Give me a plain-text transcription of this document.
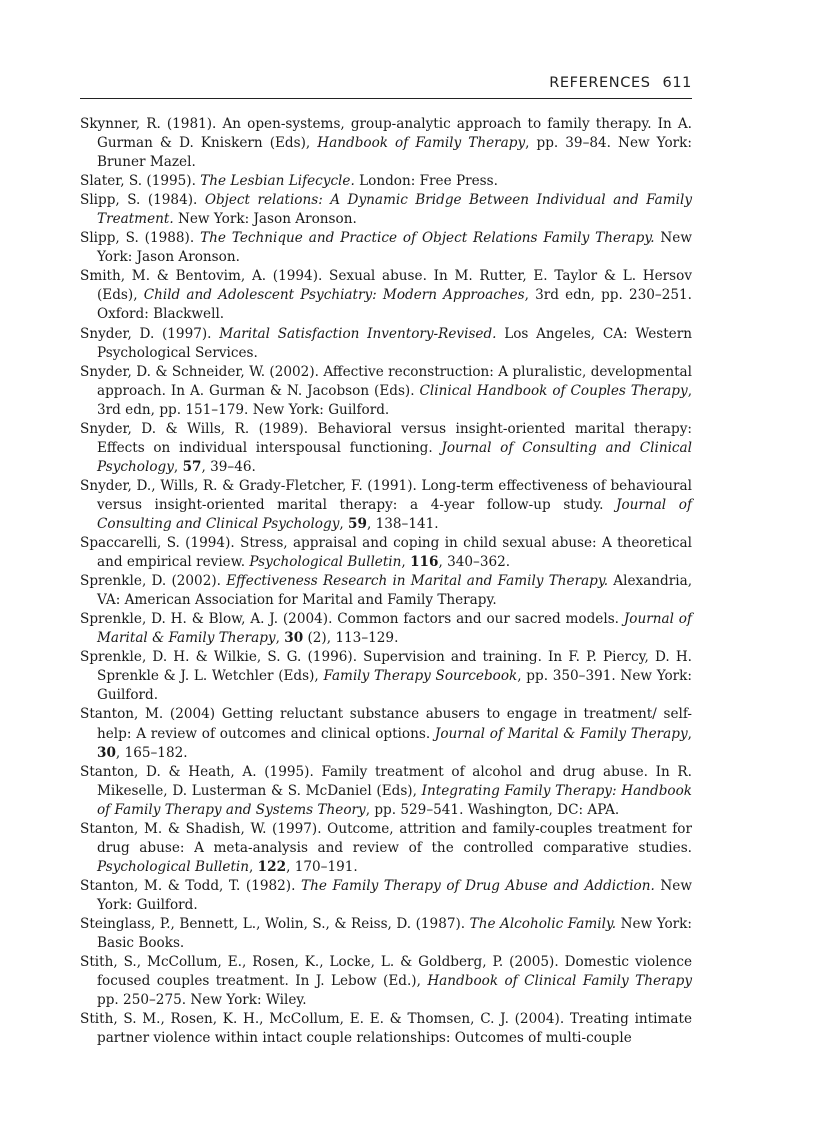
REFERENCES 611

Skynner, R. (1981). An open-systems, group-analytic approach to family therapy. In A. Gurman & D. Kniskern (Eds), Handbook of Family Therapy, pp. 39–84. New York: Bruner Mazel.

Slater, S. (1995). The Lesbian Lifecycle. London: Free Press.

Slipp, S. (1984). Object relations: A Dynamic Bridge Between Individual and Family Treatment. New York: Jason Aronson.

Slipp, S. (1988). The Technique and Practice of Object Relations Family Therapy. New York: Jason Aronson.

Smith, M. & Bentovim, A. (1994). Sexual abuse. In M. Rutter, E. Taylor & L. Hersov (Eds), Child and Adolescent Psychiatry: Modern Approaches, 3rd edn, pp. 230–251. Oxford: Blackwell.

Snyder, D. (1997). Marital Satisfaction Inventory-Revised. Los Angeles, CA: Western Psychological Services.

Snyder, D. & Schneider, W. (2002). Affective reconstruction: A pluralistic, developmental approach. In A. Gurman & N. Jacobson (Eds). Clinical Handbook of Couples Therapy, 3rd edn, pp. 151–179. New York: Guilford.

Snyder, D. & Wills, R. (1989). Behavioral versus insight-oriented marital therapy: Effects on individual interspousal functioning. Journal of Consulting and Clinical Psychology, 57, 39–46.

Snyder, D., Wills, R. & Grady-Fletcher, F. (1991). Long-term effectiveness of behavioural versus insight-oriented marital therapy: a 4-year follow-up study. Journal of Consulting and Clinical Psychology, 59, 138–141.

Spaccarelli, S. (1994). Stress, appraisal and coping in child sexual abuse: A theoretical and empirical review. Psychological Bulletin, 116, 340–362.

Sprenkle, D. (2002). Effectiveness Research in Marital and Family Therapy. Alexandria, VA: American Association for Marital and Family Therapy.

Sprenkle, D. H. & Blow, A. J. (2004). Common factors and our sacred models. Journal of Marital & Family Therapy, 30 (2), 113–129.

Sprenkle, D. H. & Wilkie, S. G. (1996). Supervision and training. In F. P. Piercy, D. H. Sprenkle & J. L. Wetchler (Eds), Family Therapy Sourcebook, pp. 350–391. New York: Guilford.

Stanton, M. (2004) Getting reluctant substance abusers to engage in treatment/ self-help: A review of outcomes and clinical options. Journal of Marital & Family Therapy, 30, 165–182.

Stanton, D. & Heath, A. (1995). Family treatment of alcohol and drug abuse. In R. Mikeselle, D. Lusterman & S. McDaniel (Eds), Integrating Family Therapy: Handbook of Family Therapy and Systems Theory, pp. 529–541. Washington, DC: APA.

Stanton, M. & Shadish, W. (1997). Outcome, attrition and family-couples treatment for drug abuse: A meta-analysis and review of the controlled comparative studies. Psychological Bulletin, 122, 170–191.

Stanton, M. & Todd, T. (1982). The Family Therapy of Drug Abuse and Addiction. New York: Guilford.

Steinglass, P., Bennett, L., Wolin, S., & Reiss, D. (1987). The Alcoholic Family. New York: Basic Books.

Stith, S., McCollum, E., Rosen, K., Locke, L. & Goldberg, P. (2005). Domestic violence focused couples treatment. In J. Lebow (Ed.), Handbook of Clinical Family Therapy pp. 250–275. New York: Wiley.

Stith, S. M., Rosen, K. H., McCollum, E. E. & Thomsen, C. J. (2004). Treating intimate partner violence within intact couple relationships: Outcomes of multi-couple
